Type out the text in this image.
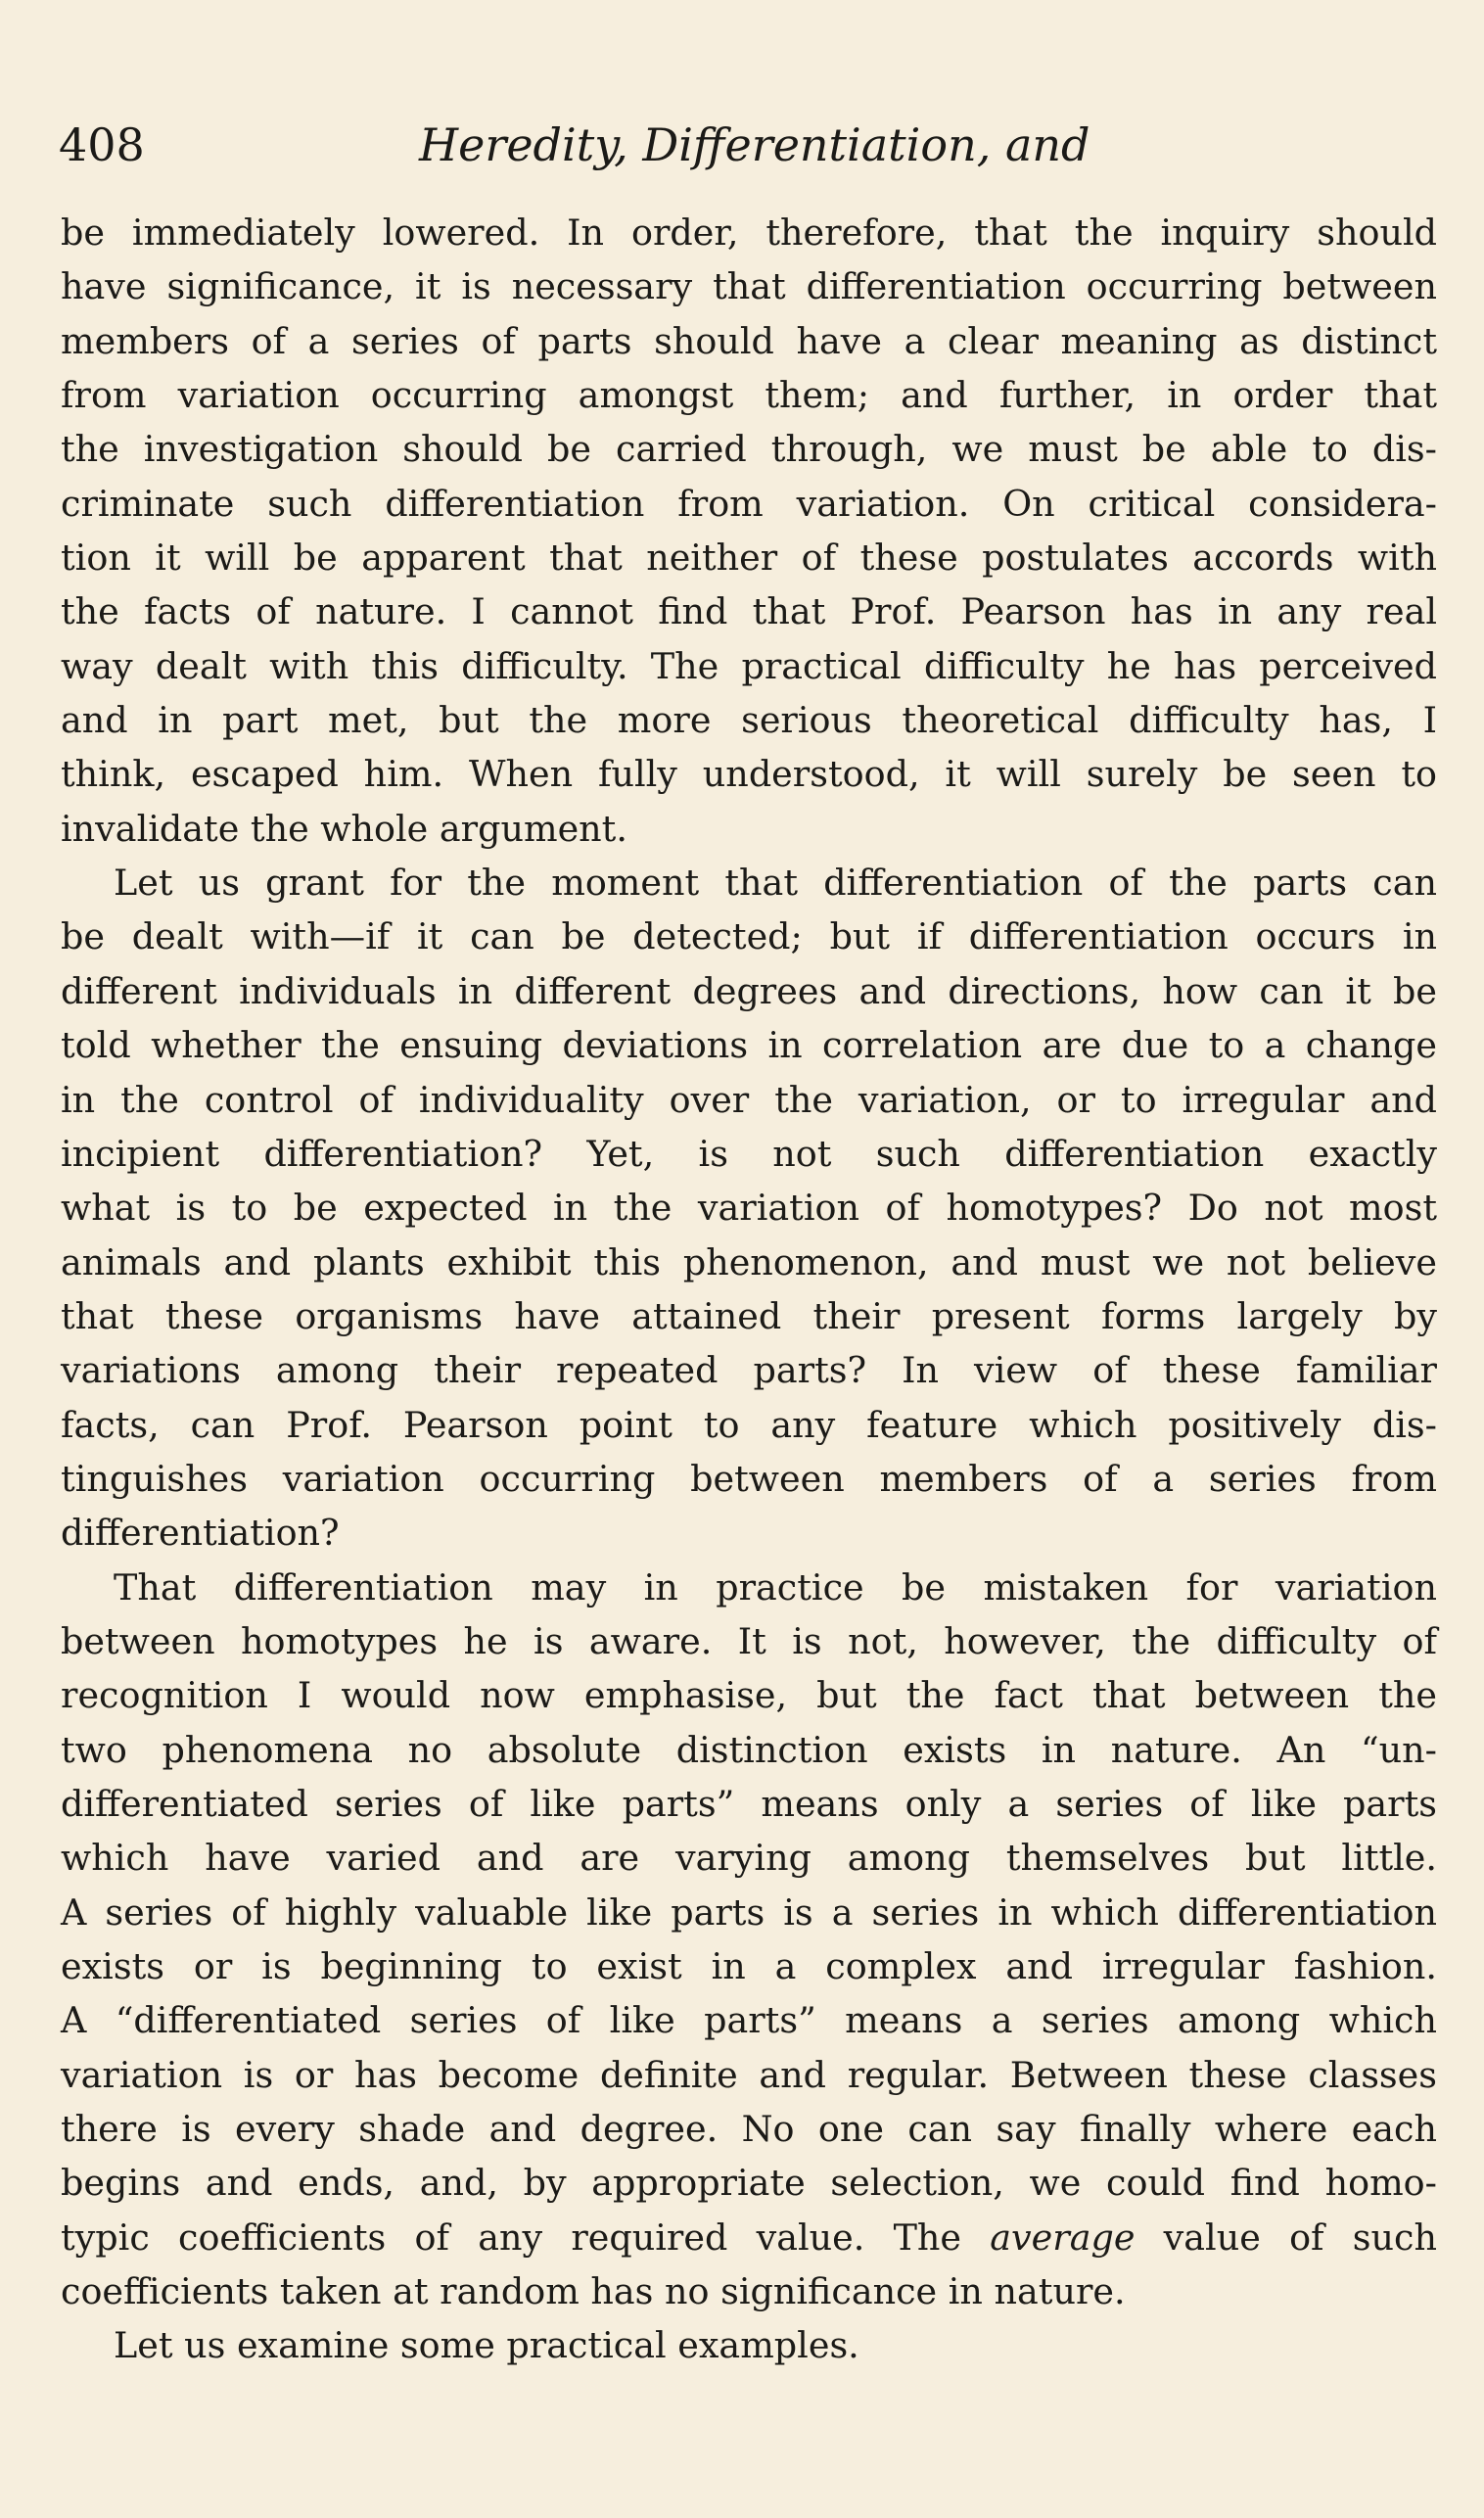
408	Heredity, Differentiation, and
be immediately lowered. In order, therefore, that the inquiry should
have significance, it is necessary that differentiation occurring between
members of a series of parts should have a clear meaning as distinct
from variation occurring amongst them; and further, in order that
the investigation should be carried through, we must be able to dis-
criminate such differentiation from variation. On critical considera-
tion it will be apparent that neither of these postulates accords with
the facts of nature. I cannot find that Prof. Pearson has in any real
way dealt with this difficulty. The practical difficulty he has perceived
and in part met, but the more serious theoretical difficulty has, I
think, escaped him. When fully understood, it will surely be seen to
invalidate the whole argument.
Let us grant for the moment that differentiation of the parts can
be dealt with—if it can be detected; but if differentiation occurs in
different individuals in different degrees and directions, how can it be
told whether the ensuing deviations in correlation are due to a change
in the control of individuality over the variation, or to irregular and
incipient differentiation? Yet, is not such differentiation exactly
what is to be expected in the variation of homotypes? Do not most
animals and plants exhibit this phenomenon, and must we not believe
that these organisms have attained their present forms largely by
variations among their repeated parts? In view of these familiar
facts, can Prof. Pearson point to any feature which positively dis-
tinguishes variation occurring between members of a series from
differentiation?
That differentiation may in practice be mistaken for variation
between homotypes he is aware. It is not, however, the difficulty of
recognition I would now emphasise, but the fact that between the
two phenomena no absolute distinction exists in nature. An “un-
differentiated series of like parts” means only a series of like parts
which have varied and are varying among themselves but little.
A series of highly valuable like parts is a series in which differentiation
exists or is beginning to exist in a complex and irregular fashion.
A “differentiated series of like parts” means a series among which
variation is or has become definite and regular. Between these classes
there is every shade and degree. No one can say finally where each
begins and ends, and, by appropriate selection, we could find homo-
typic coefficients of any required value. The average value of such
coefficients taken at random has no significance in nature.
Let us examine some practical examples.
